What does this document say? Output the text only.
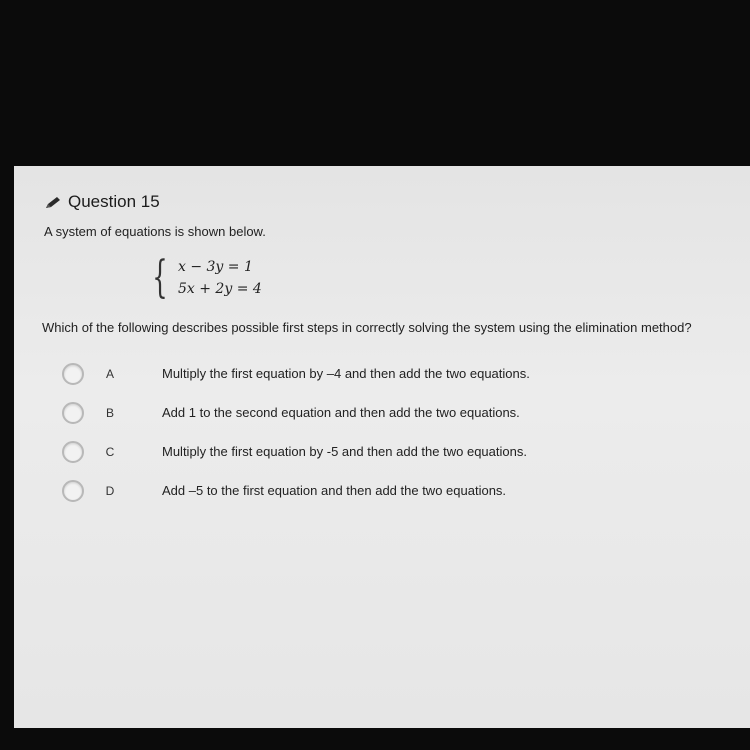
Question 15
A system of equations is shown below.
{ x − 3y = 1
5x + 2y = 4
Which of the following describes possible first steps in correctly solving the system using the elimination method?
A	Multiply the first equation by –4 and then add the two equations.
B	Add 1 to the second equation and then add the two equations.
C	Multiply the first equation by -5 and then add the two equations.
D	Add –5 to the first equation and then add the two equations.
